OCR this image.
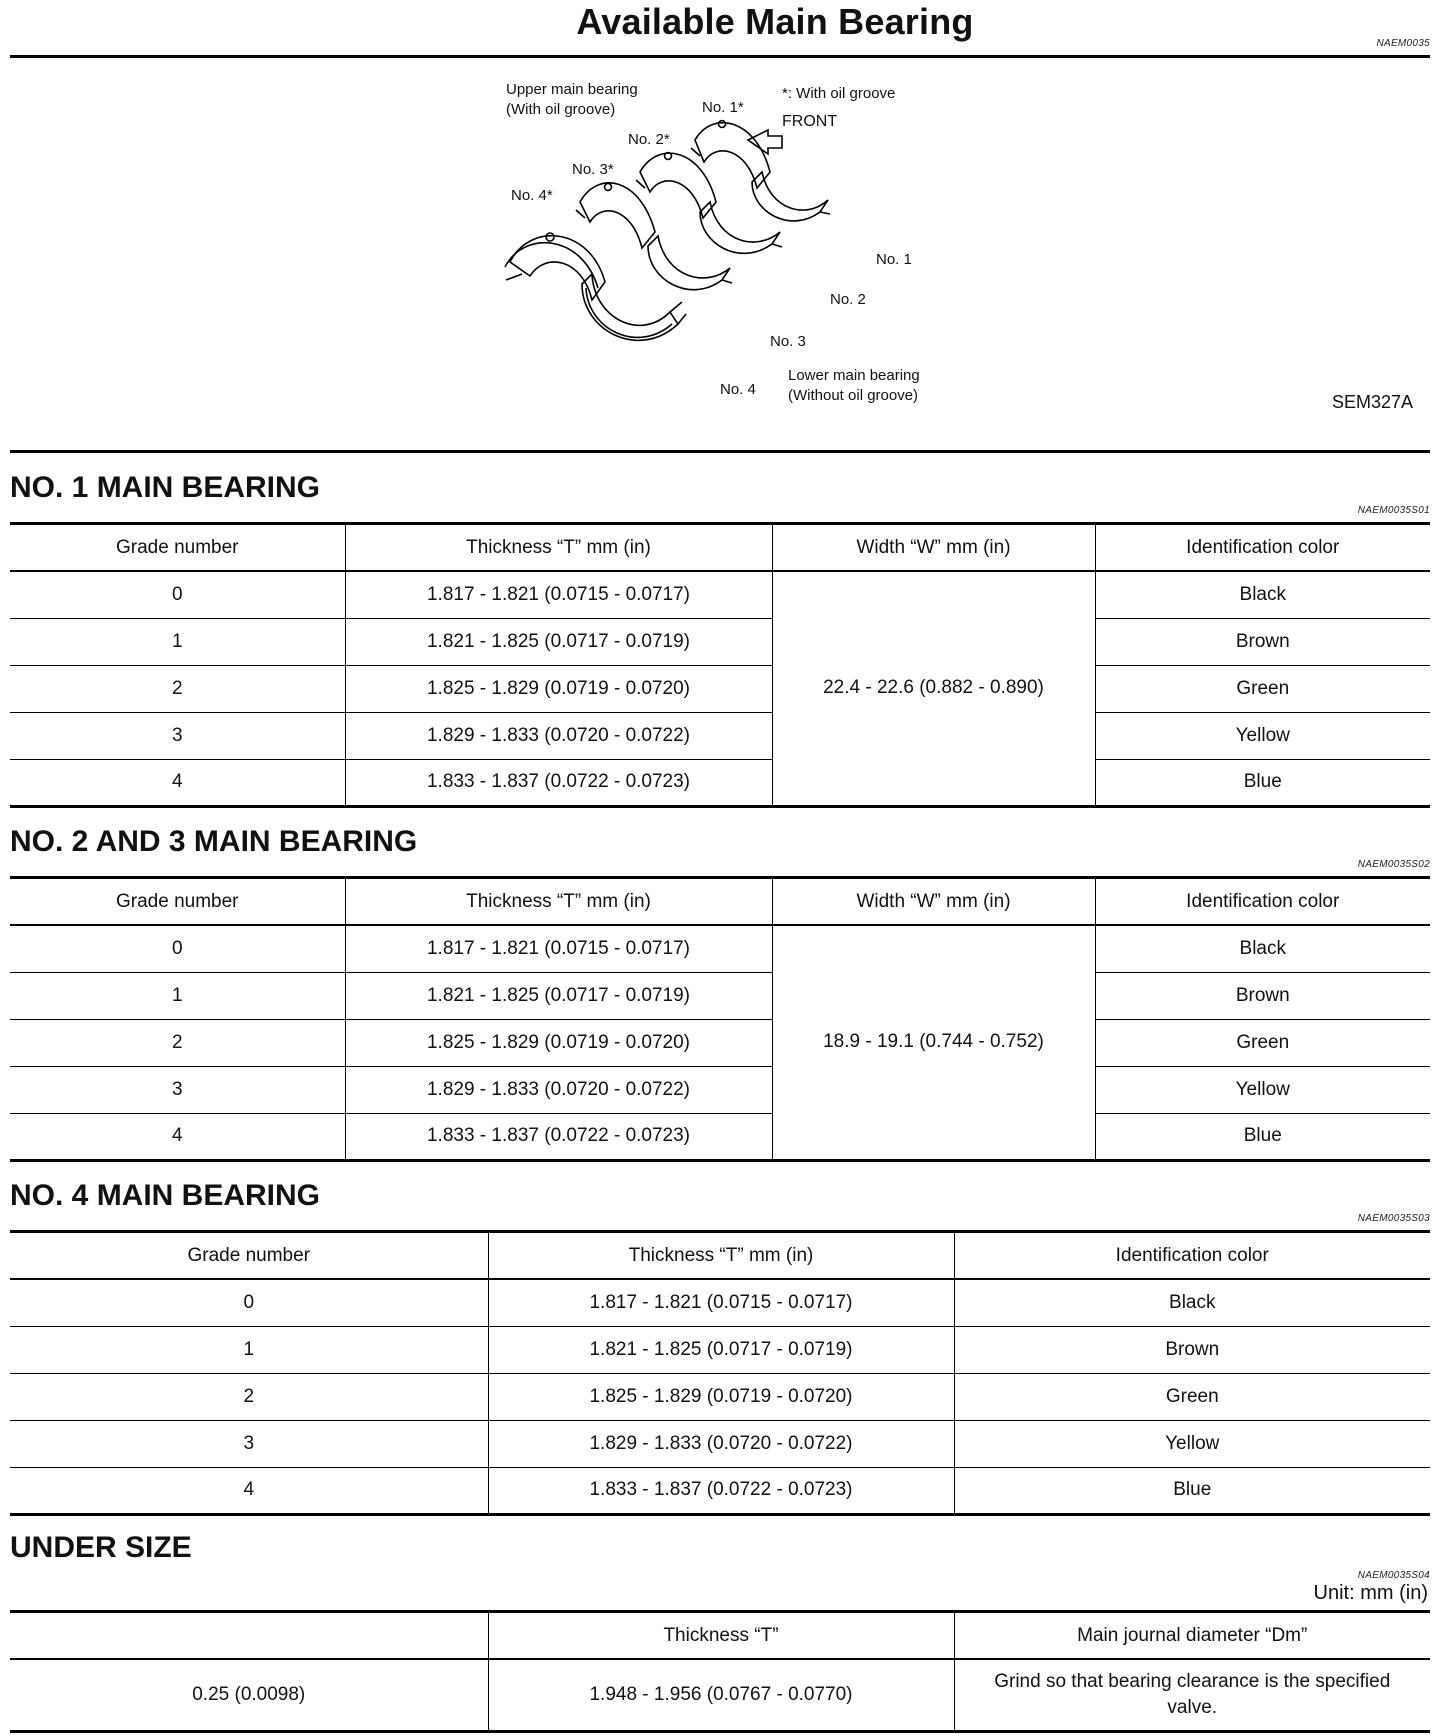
Available Main Bearing
NAEM0035
Upper main bearing
(With oil groove)
*: With oil groove
FRONT
No. 1*
No. 2*
No. 3*
No. 4*
No. 1
No. 2
No. 3
No. 4
Lower main bearing
(Without oil groove)	SEM327A
NO. 1 MAIN BEARING
NAEM0035S01
Grade number	Thickness “T” mm (in)	Width “W” mm (in)	Identification color
0	1.817 - 1.821 (0.0715 - 0.0717)	22.4 - 22.6 (0.882 - 0.890)	Black
1	1.821 - 1.825 (0.0717 - 0.0719)		Brown
2	1.825 - 1.829 (0.0719 - 0.0720)		Green
3	1.829 - 1.833 (0.0720 - 0.0722)		Yellow
4	1.833 - 1.837 (0.0722 - 0.0723)		Blue
NO. 2 AND 3 MAIN BEARING
NAEM0035S02
Grade number	Thickness “T” mm (in)	Width “W” mm (in)	Identification color
0	1.817 - 1.821 (0.0715 - 0.0717)	18.9 - 19.1 (0.744 - 0.752)	Black
1	1.821 - 1.825 (0.0717 - 0.0719)		Brown
2	1.825 - 1.829 (0.0719 - 0.0720)		Green
3	1.829 - 1.833 (0.0720 - 0.0722)		Yellow
4	1.833 - 1.837 (0.0722 - 0.0723)		Blue
NO. 4 MAIN BEARING
NAEM0035S03
Grade number	Thickness “T” mm (in)	Identification color
0	1.817 - 1.821 (0.0715 - 0.0717)	Black
1	1.821 - 1.825 (0.0717 - 0.0719)	Brown
2	1.825 - 1.829 (0.0719 - 0.0720)	Green
3	1.829 - 1.833 (0.0720 - 0.0722)	Yellow
4	1.833 - 1.837 (0.0722 - 0.0723)	Blue
UNDER SIZE
NAEM0035S04
Unit: mm (in)
	Thickness “T”	Main journal diameter “Dm”
0.25 (0.0098)	1.948 - 1.956 (0.0767 - 0.0770)	Grind so that bearing clearance is the specified valve.
